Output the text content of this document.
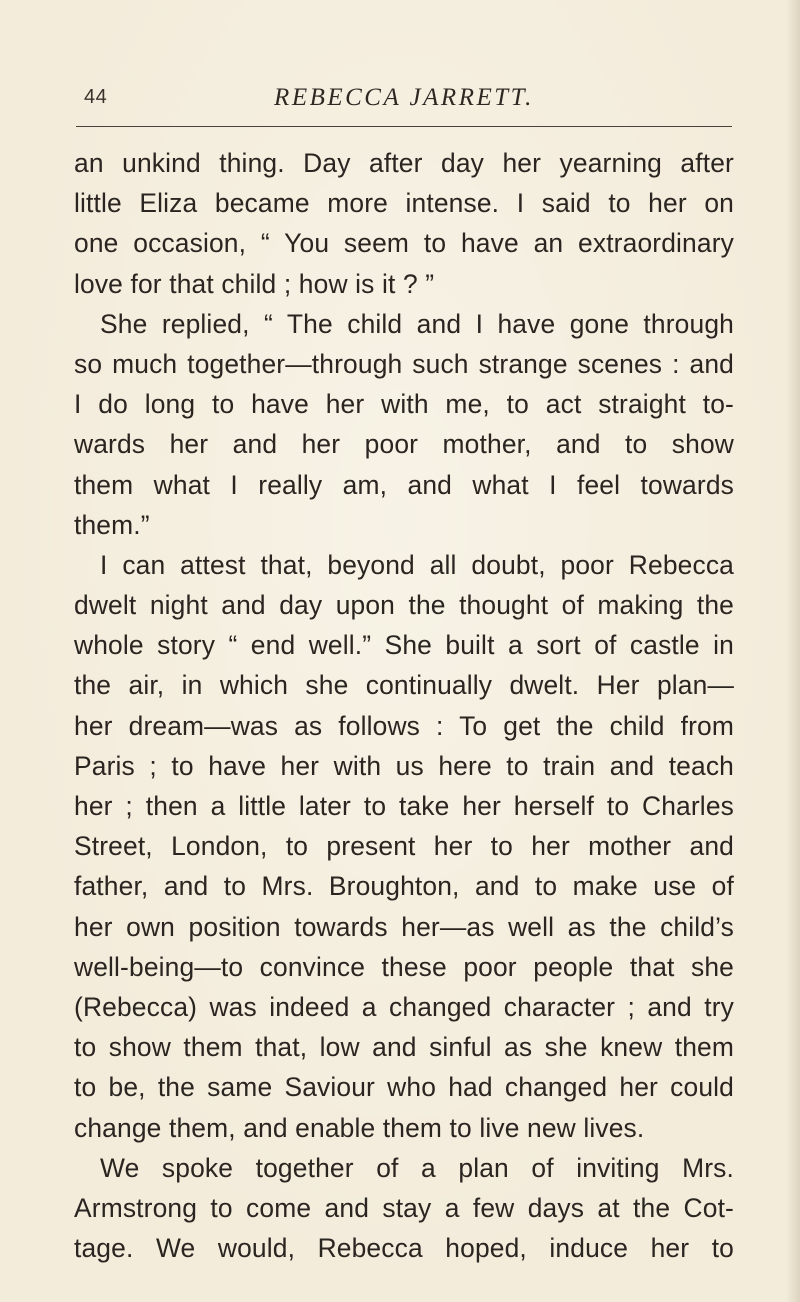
44	REBECCA JARRETT.
an unkind thing. Day after day her yearning after
little Eliza became more intense. I said to her on
one occasion, “ You seem to have an extraordinary
love for that child ; how is it ? ”
She replied, “ The child and I have gone through
so much together—through such strange scenes : and
I do long to have her with me, to act straight to-
wards her and her poor mother, and to show
them what I really am, and what I feel towards
them.”
I can attest that, beyond all doubt, poor Rebecca
dwelt night and day upon the thought of making the
whole story “ end well.” She built a sort of castle in
the air, in which she continually dwelt. Her plan—
her dream—was as follows : To get the child from
Paris ; to have her with us here to train and teach
her ; then a little later to take her herself to Charles
Street, London, to present her to her mother and
father, and to Mrs. Broughton, and to make use of
her own position towards her—as well as the child’s
well-being—to convince these poor people that she
(Rebecca) was indeed a changed character ; and try
to show them that, low and sinful as she knew them
to be, the same Saviour who had changed her could
change them, and enable them to live new lives.
We spoke together of a plan of inviting Mrs.
Armstrong to come and stay a few days at the Cot-
tage. We would, Rebecca hoped, induce her to
